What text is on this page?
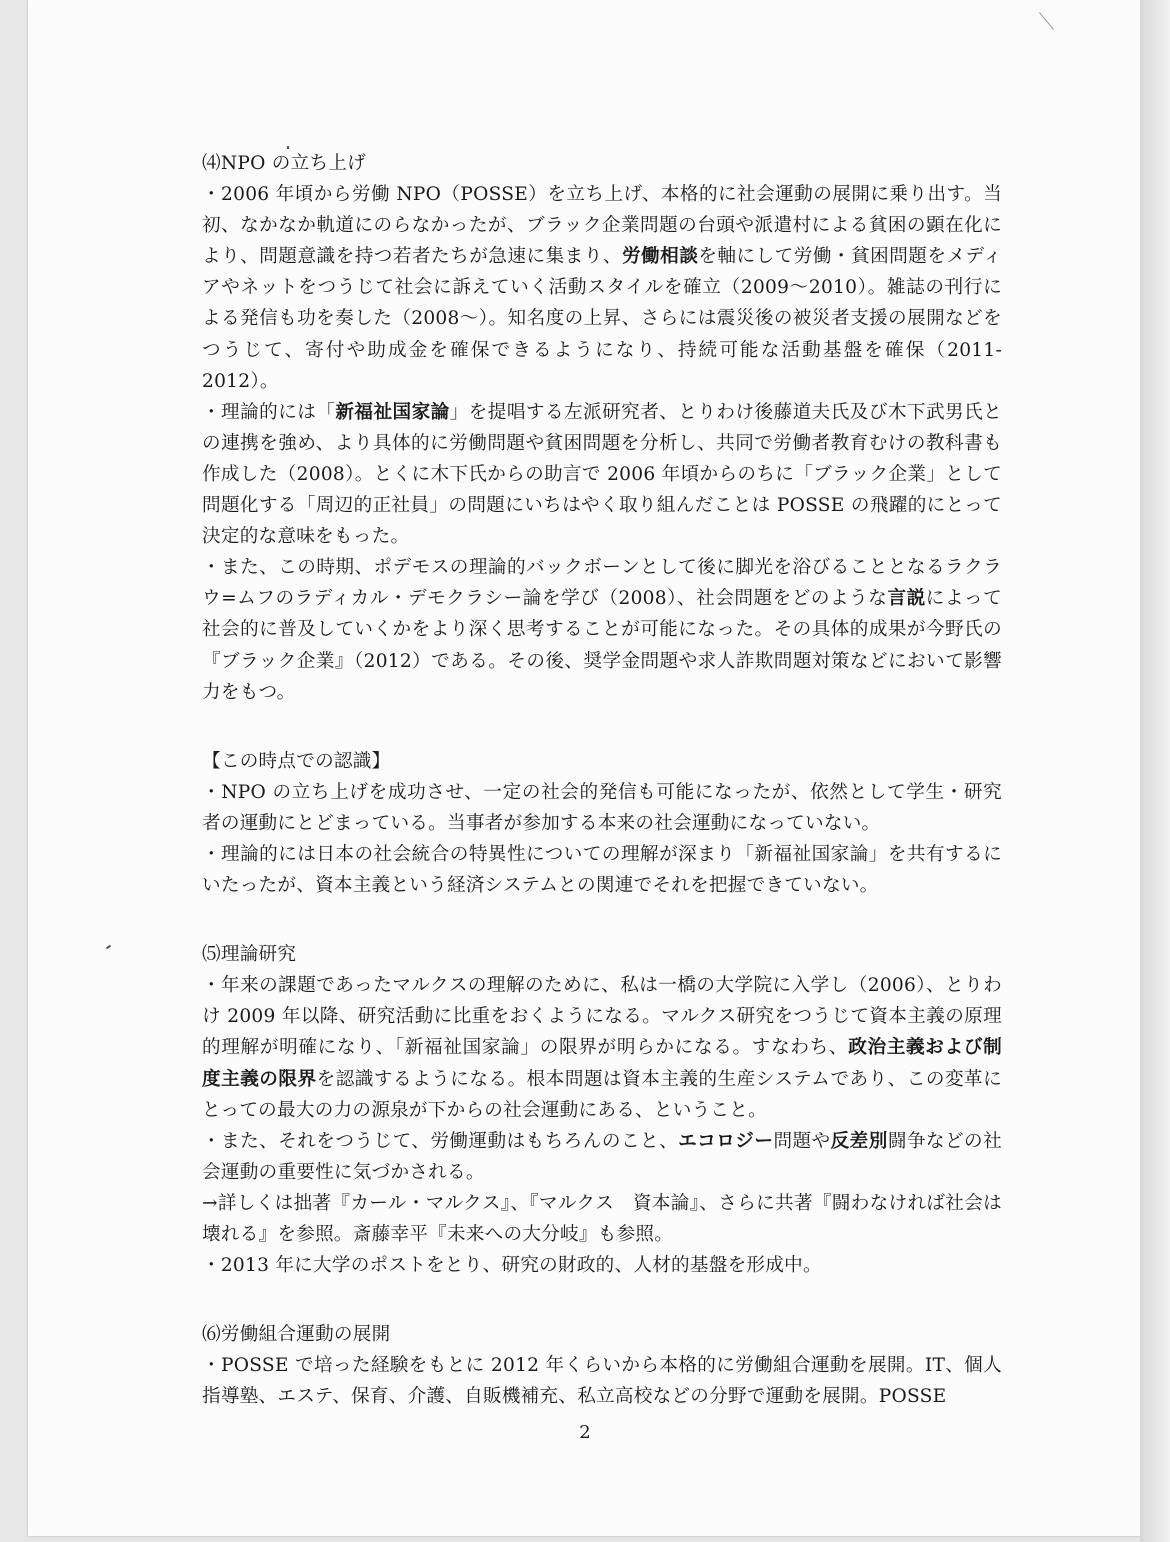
⑷NPO の立ち上げ
・2006 年頃から労働 NPO（POSSE）を立ち上げ、本格的に社会運動の展開に乗り出す。当初、なかなか軌道にのらなかったが、ブラック企業問題の台頭や派遣村による貧困の顕在化により、問題意識を持つ若者たちが急速に集まり、労働相談を軸にして労働・貧困問題をメディアやネットをつうじて社会に訴えていく活動スタイルを確立（2009～2010）。雑誌の刊行による発信も功を奏した（2008～）。知名度の上昇、さらには震災後の被災者支援の展開などをつうじて、寄付や助成金を確保できるようになり、持続可能な活動基盤を確保（2011-2012）。
・理論的には「新福祉国家論」を提唱する左派研究者、とりわけ後藤道夫氏及び木下武男氏との連携を強め、より具体的に労働問題や貧困問題を分析し、共同で労働者教育むけの教科書も作成した（2008）。とくに木下氏からの助言で 2006 年頃からのちに「ブラック企業」として問題化する「周辺的正社員」の問題にいちはやく取り組んだことは POSSE の飛躍的にとって決定的な意味をもった。
・また、この時期、ポデモスの理論的バックボーンとして後に脚光を浴びることとなるラクラウ=ムフのラディカル・デモクラシー論を学び（2008）、社会問題をどのような言説によって社会的に普及していくかをより深く思考することが可能になった。その具体的成果が今野氏の『ブラック企業』（2012）である。その後、奨学金問題や求人詐欺問題対策などにおいて影響力をもつ。
【この時点での認識】
・NPO の立ち上げを成功させ、一定の社会的発信も可能になったが、依然として学生・研究者の運動にとどまっている。当事者が参加する本来の社会運動になっていない。
・理論的には日本の社会統合の特異性についての理解が深まり「新福祉国家論」を共有するにいたったが、資本主義という経済システムとの関連でそれを把握できていない。
⑸理論研究
・年来の課題であったマルクスの理解のために、私は一橋の大学院に入学し（2006）、とりわけ 2009 年以降、研究活動に比重をおくようになる。マルクス研究をつうじて資本主義の原理的理解が明確になり、「新福祉国家論」の限界が明らかになる。すなわち、政治主義および制度主義の限界を認識するようになる。根本問題は資本主義的生産システムであり、この変革にとっての最大の力の源泉が下からの社会運動にある、ということ。
・また、それをつうじて、労働運動はもちろんのこと、エコロジー問題や反差別闘争などの社会運動の重要性に気づかされる。
→詳しくは拙著『カール・マルクス』、『マルクス　資本論』、さらに共著『闘わなければ社会は壊れる』を参照。斎藤幸平『未来への大分岐』も参照。
・2013 年に大学のポストをとり、研究の財政的、人材的基盤を形成中。
⑹労働組合運動の展開
・POSSE で培った経験をもとに 2012 年くらいから本格的に労働組合運動を展開。IT、個人指導塾、エステ、保育、介護、自販機補充、私立高校などの分野で運動を展開。POSSE
2
